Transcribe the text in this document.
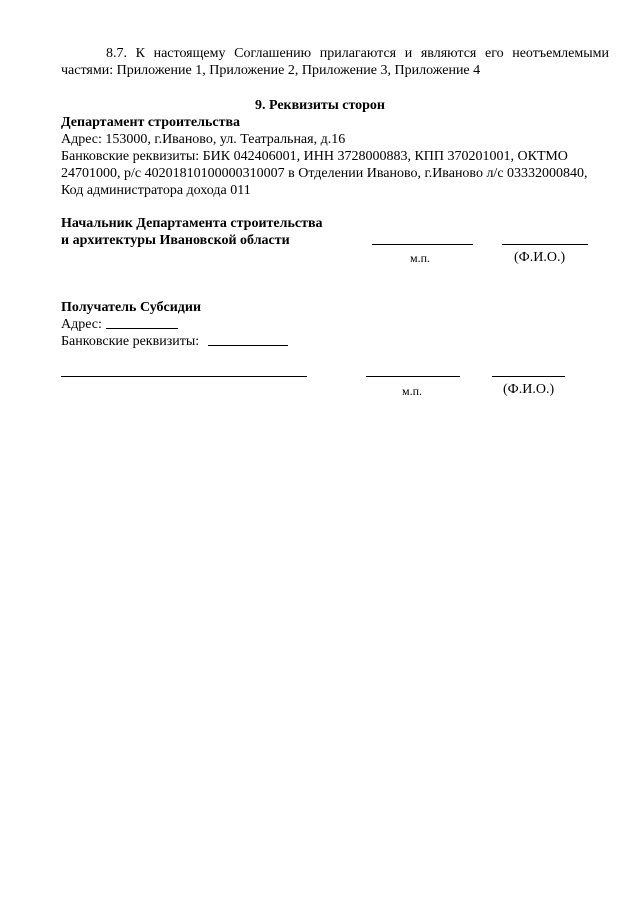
8.7. К настоящему Соглашению прилагаются и являются его неотъемлемыми
частями: Приложение 1, Приложение 2, Приложение 3, Приложение 4
9. Реквизиты сторон
Департамент строительства
Адрес: 153000, г.Иваново, ул. Театральная, д.16
Банковские реквизиты: БИК 042406001, ИНН 3728000883, КПП 370201001, ОКТМО
24701000, р/с 40201810100000310007 в Отделении Иваново, г.Иваново л/с 03332000840,
Код администратора дохода 011
Начальник Департамента строительства
и архитектуры Ивановской области
м.п.	(Ф.И.О.)
Получатель Субсидии
Адрес:
Банковские реквизиты:
м.п.	(Ф.И.О.)
